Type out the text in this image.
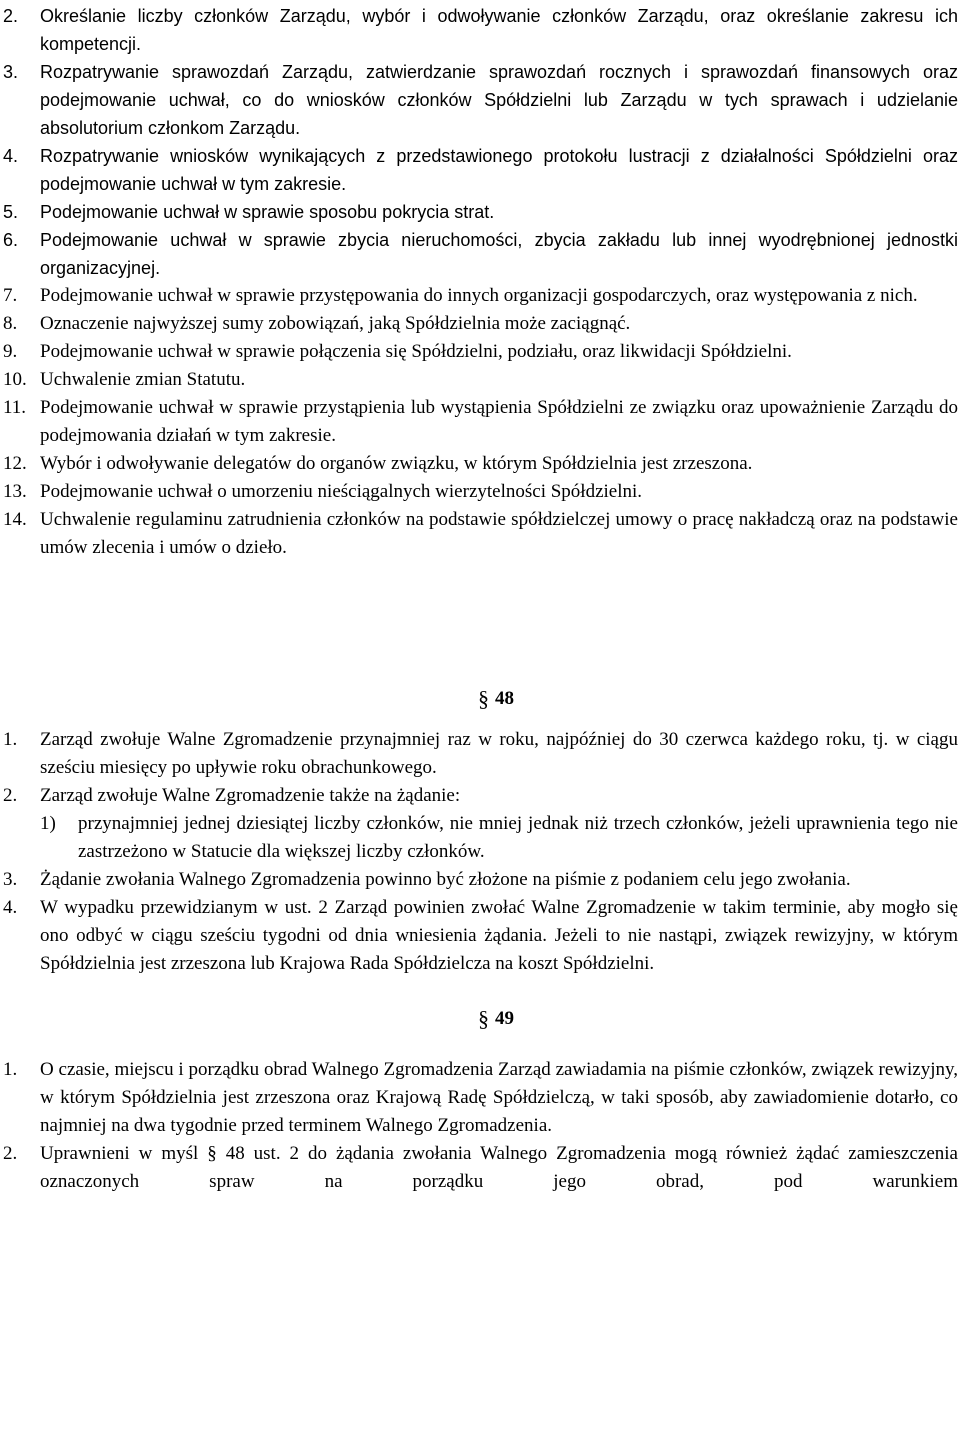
2.	Określanie liczby członków Zarządu, wybór i odwoływanie członków Zarządu, oraz określanie zakresu ich kompetencji.
3.	Rozpatrywanie sprawozdań Zarządu, zatwierdzanie sprawozdań rocznych i sprawozdań finansowych oraz podejmowanie uchwał, co do wniosków członków Spółdzielni lub Zarządu w tych sprawach i udzielanie absolutorium członkom Zarządu.
4.	Rozpatrywanie wniosków wynikających z przedstawionego protokołu lustracji z działalności Spółdzielni oraz podejmowanie uchwał w tym zakresie.
5.	Podejmowanie uchwał w sprawie sposobu pokrycia strat.
6.	Podejmowanie uchwał w sprawie zbycia nieruchomości, zbycia zakładu lub innej wyodrębnionej jednostki organizacyjnej.
7.	Podejmowanie uchwał w sprawie przystępowania do innych organizacji gospodarczych, oraz występowania z nich.
8.	Oznaczenie najwyższej sumy zobowiązań, jaką Spółdzielnia może zaciągnąć.
9.	Podejmowanie uchwał w sprawie połączenia się Spółdzielni, podziału, oraz likwidacji Spółdzielni.
10. Uchwalenie zmian Statutu.
11. Podejmowanie uchwał w sprawie przystąpienia lub wystąpienia Spółdzielni ze związku oraz upoważnienie Zarządu do podejmowania działań w tym zakresie.
12. Wybór i odwoływanie delegatów do organów związku, w którym Spółdzielnia jest zrzeszona.
13. Podejmowanie uchwał o umorzeniu nieściągalnych wierzytelności Spółdzielni.
14. Uchwalenie regulaminu zatrudnienia członków na podstawie spółdzielczej umowy o pracę nakładczą oraz na podstawie umów zlecenia i umów o dzieło.
§ 48
1.	Zarząd zwołuje Walne Zgromadzenie przynajmniej raz w roku, najpóźniej do 30 czerwca każdego roku, tj. w ciągu sześciu miesięcy po upływie roku obrachunkowego.
2.	Zarząd zwołuje Walne Zgromadzenie także na żądanie:
1)	przynajmniej jednej dziesiątej liczby członków, nie mniej jednak niż trzech członków, jeżeli uprawnienia tego nie zastrzeżono w Statucie dla większej liczby członków.
3.	Żądanie zwołania Walnego Zgromadzenia powinno być złożone na piśmie z podaniem celu jego zwołania.
4.	W wypadku przewidzianym w ust. 2 Zarząd powinien zwołać Walne Zgromadzenie w takim terminie, aby mogło się ono odbyć w ciągu sześciu tygodni od dnia wniesienia żądania. Jeżeli to nie nastąpi, związek rewizyjny, w którym Spółdzielnia jest zrzeszona lub Krajowa Rada Spółdzielcza na koszt Spółdzielni.
§ 49
1.	O czasie, miejscu i porządku obrad Walnego Zgromadzenia Zarząd zawiadamia na piśmie członków, związek rewizyjny, w którym Spółdzielnia jest zrzeszona oraz Krajową Radę Spółdzielczą, w taki sposób, aby zawiadomienie dotarło, co najmniej na dwa tygodnie przed terminem Walnego Zgromadzenia.
2.	Uprawnieni w myśl § 48 ust. 2 do żądania zwołania Walnego Zgromadzenia mogą również żądać zamieszczenia oznaczonych spraw na porządku jego obrad, pod warunkiem
